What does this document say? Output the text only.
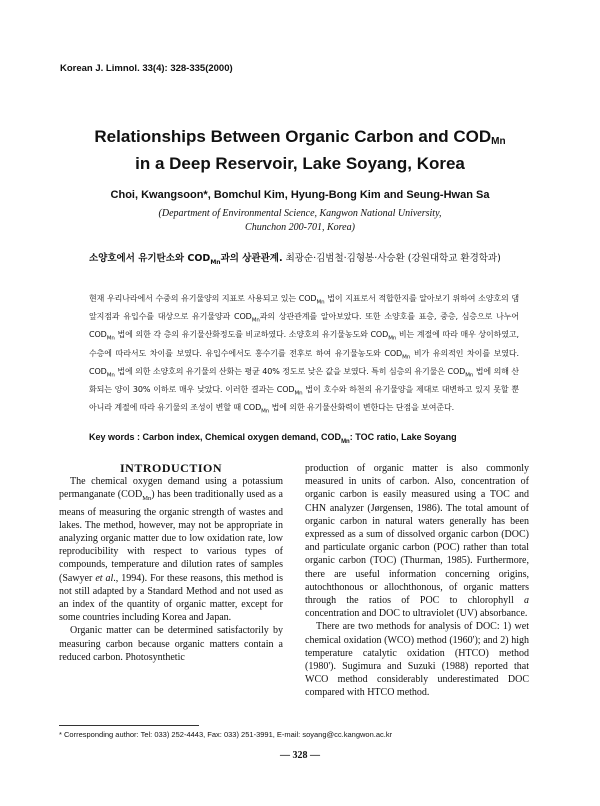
Korean J. Limnol. 33(4): 328-335(2000)
Relationships Between Organic Carbon and $COD_{Mn}$
in a Deep Reservoir, Lake Soyang, Korea
Choi, Kwangsoon*, Bomchul Kim, Hyung-Bong Kim and Seung-Hwan Sa
(Department of Environmental Science, Kangwon National University,
Chunchon 200-701, Korea)
소양호에서 유기탄소와 $COD_{Mn}$과의 상관관계. 최광순·김범철·김형봉·사승환 (강원대학교 환경학과)
현재 우리나라에서 수중의 유기물양의 지표로 사용되고 있는 $COD_{Mn}$ 법이 지표로서 적합한지를 알아보기 위하여 소양호의 댐앞지점과 유입수를 대상으로 유기물양과 $COD_{Mn}$과의 상관관계를 알아보았다. 또한 소양호를 표층, 중층, 심층으로 나누어 $COD_{Mn}$ 법에 의한 각 층의 유기물산화정도를 비교하였다. 소양호의 유기물농도와 $COD_{Mn}$ 비는 계절에 따라 매우 상이하였고, 수층에 따라서도 차이를 보였다. 유입수에서도 홍수기를 전후로 하여 유기물농도와 $COD_{Mn}$ 비가 유의적인 차이를 보였다. $COD_{Mn}$ 법에 의한 소양호의 유기물의 산화는 평균 40% 정도로 낮은 값을 보였다. 특히 심층의 유기물은 $COD_{Mn}$ 법에 의해 산화되는 양이 30% 이하로 매우 낮았다. 이러한 결과는 $COD_{Mn}$ 법이 호수와 하천의 유기물양을 제대로 대변하고 있지 못할 뿐 아니라 계절에 따라 유기물의 조성이 변할 때 $COD_{Mn}$ 법에 의한 유기물산화력이 변한다는 단점을 보여준다.
Key words : Carbon index, Chemical oxygen demand, $COD_{Mn}$: TOC ratio, Lake Soyang

INTRODUCTION

The chemical oxygen demand using a potassium permanganate $(COD_{Mn})$ has been traditionally used as a means of measuring the organic strength of wastes and lakes. The method, however, may not be appropriate in analyzing organic matter due to low oxidation rate, low reproducibility with respect to various types of compounds, temperature and dilution rates of samples (Sawyer et al., 1994). For these reasons, this method is not still adapted by a Standard Method and not used as an index of the quantity of organic matter, except for some countries including Korea and Japan.

Organic matter can be determined satisfactorily by measuring carbon because organic matters contain a reduced carbon. Photosynthetic

production of organic matter is also commonly measured in units of carbon. Also, concentration of organic carbon is easily measured using a TOC and CHN analyzer (Jørgensen, 1986). The total amount of organic carbon in natural waters generally has been expressed as a sum of dissolved organic carbon (DOC) and particulate organic carbon (POC) rather than total organic carbon (TOC) (Thurman, 1985). Furthermore, there are useful information concerning origins, autochthonous or allochthonous, of organic matters through the ratios of POC to chlorophyll a concentration and DOC to ultraviolet (UV) absorbance.

There are two methods for analysis of DOC: 1) wet chemical oxidation (WCO) method (1960'); and 2) high temperature catalytic oxidation (HTCO) method (1980'). Sugimura and Suzuki (1988) reported that WCO method considerably underestimated DOC compared with HTCO method.

* Corresponding author: Tel: 033) 252-4443, Fax: 033) 251-3991, E-mail: soyang@cc.kangwon.ac.kr
— 328 —
